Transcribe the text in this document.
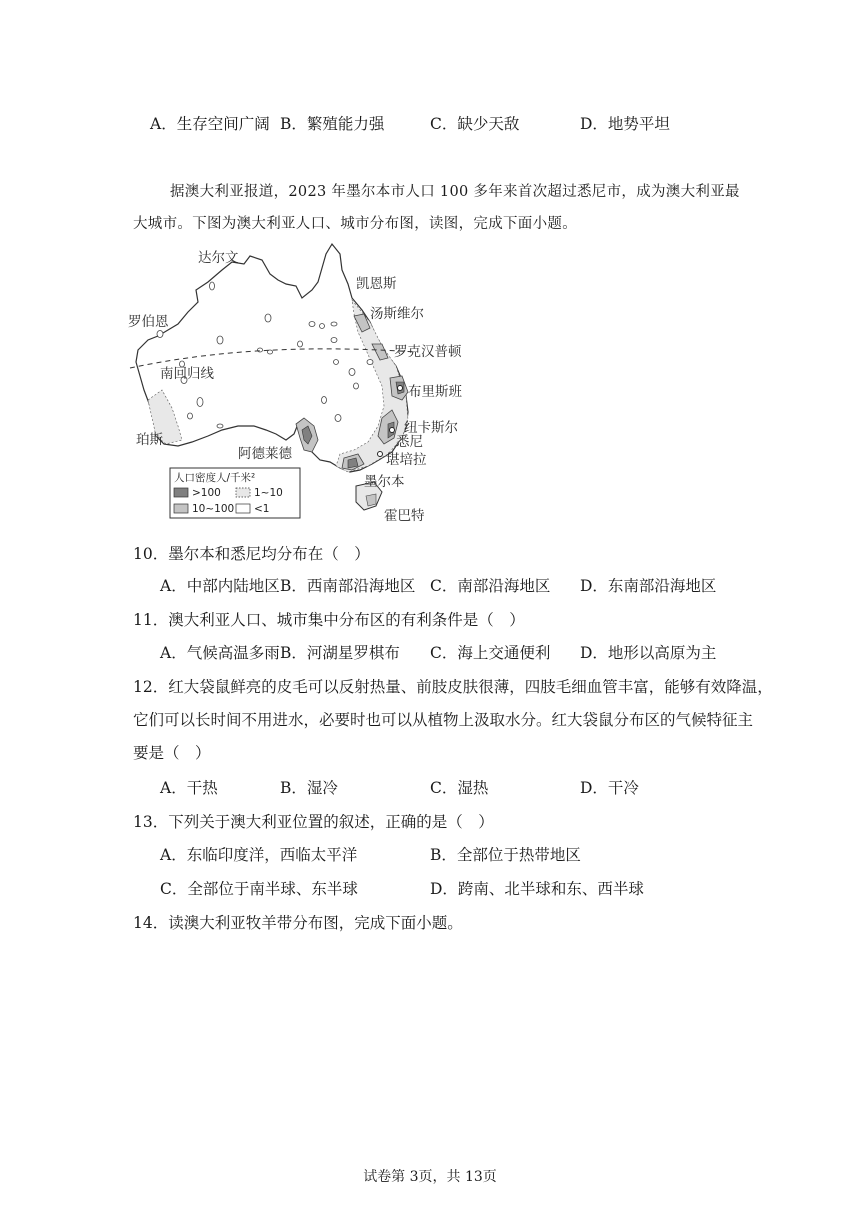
A．生存空间广阔 B．繁殖能力强	C．缺少天敌	D．地势平坦
据澳大利亚报道，2023 年墨尔本市人口 100 多年来首次超过悉尼市，成为澳大利亚最
大城市。下图为澳大利亚人口、城市分布图，读图，完成下面小题。
达尔文
凯恩斯
汤斯维尔
罗伯恩
罗克汉普顿
南回归线
布里斯班
纽卡斯尔
珀斯	悉尼
阿德莱德	堪培拉
墨尔本
霍巴特
人口密度人/千米²
>100	1~10
10~100 <1
10．墨尔本和悉尼均分布在（　）
A．中部内陆地区 B．西南部沿海地区 C．南部沿海地区 D．东南部沿海地区
11．澳大利亚人口、城市集中分布区的有利条件是（　）
A．气候高温多雨 B．河湖星罗棋布 C．海上交通便利 D．地形以高原为主
12．红大袋鼠鲜亮的皮毛可以反射热量、前肢皮肤很薄，四肢毛细血管丰富，能够有效降温，
它们可以长时间不用进水，必要时也可以从植物上汲取水分。红大袋鼠分布区的气候特征主
要是（　）
A．干热	B．湿冷	C．湿热	D．干冷
13．下列关于澳大利亚位置的叙述，正确的是（　）
A．东临印度洋，西临太平洋	B．全部位于热带地区
C．全部位于南半球、东半球	D．跨南、北半球和东、西半球
14．读澳大利亚牧羊带分布图，完成下面小题。
试卷第 3页，共 13页
